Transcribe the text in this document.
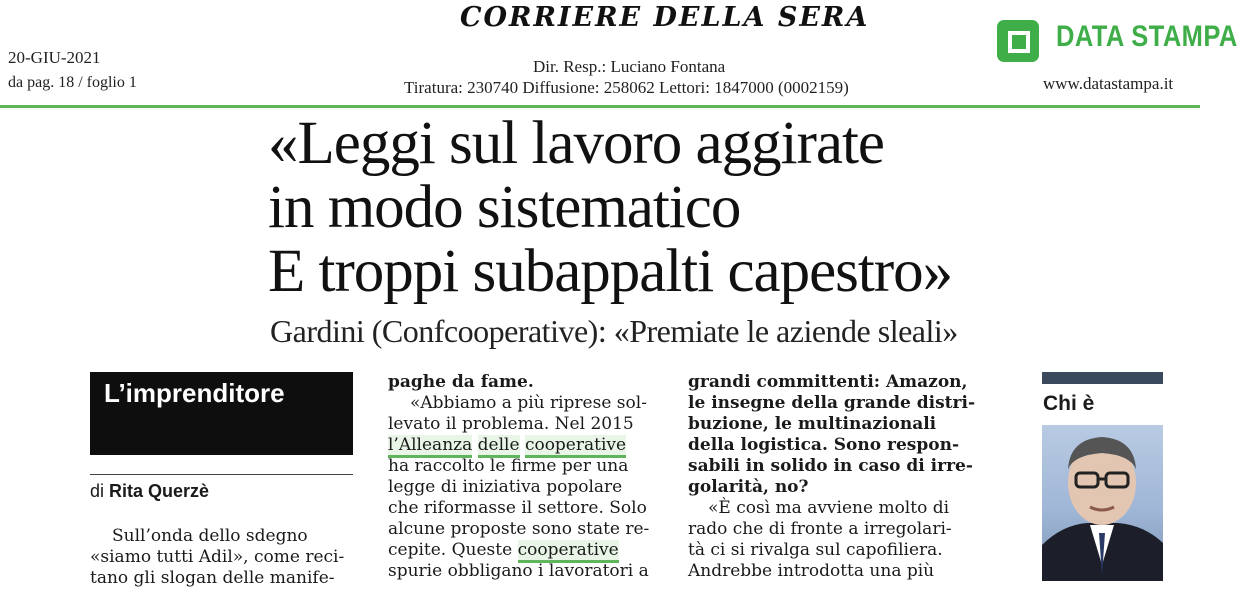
CORRIERE DELLA SERA
20-GIU-2021
da pag. 18 / foglio 1
Dir. Resp.: Luciano Fontana
Tiratura: 230740 Diffusione: 258062 Lettori: 1847000 (0002159)
DATA STAMPA
www.datastampa.it
«Leggi sul lavoro aggirate
in modo sistematico
E troppi subappalti capestro»
Gardini (Confcooperative): «Premiate le aziende sleali»
L’imprenditore
di Rita Querzè

Sull’onda dello sdegno

«siamo tutti Adil», come reci-

tano gli slogan delle manife-

paghe da fame.

«Abbiamo a più riprese sol-

levato il problema. Nel 2015

l’Alleanza delle cooperative

ha raccolto le firme per una

legge di iniziativa popolare

che riformasse il settore. Solo

alcune proposte sono state re-

cepite. Queste cooperative

spurie obbligano i lavoratori a

grandi committenti: Amazon,

le insegne della grande distri-

buzione, le multinazionali

della logistica. Sono respon-

sabili in solido in caso di irre-

golarità, no?

«È così ma avviene molto di

rado che di fronte a irregolari-

tà ci si rivalga sul capofiliera.

Andrebbe introdotta una più

Chi è
